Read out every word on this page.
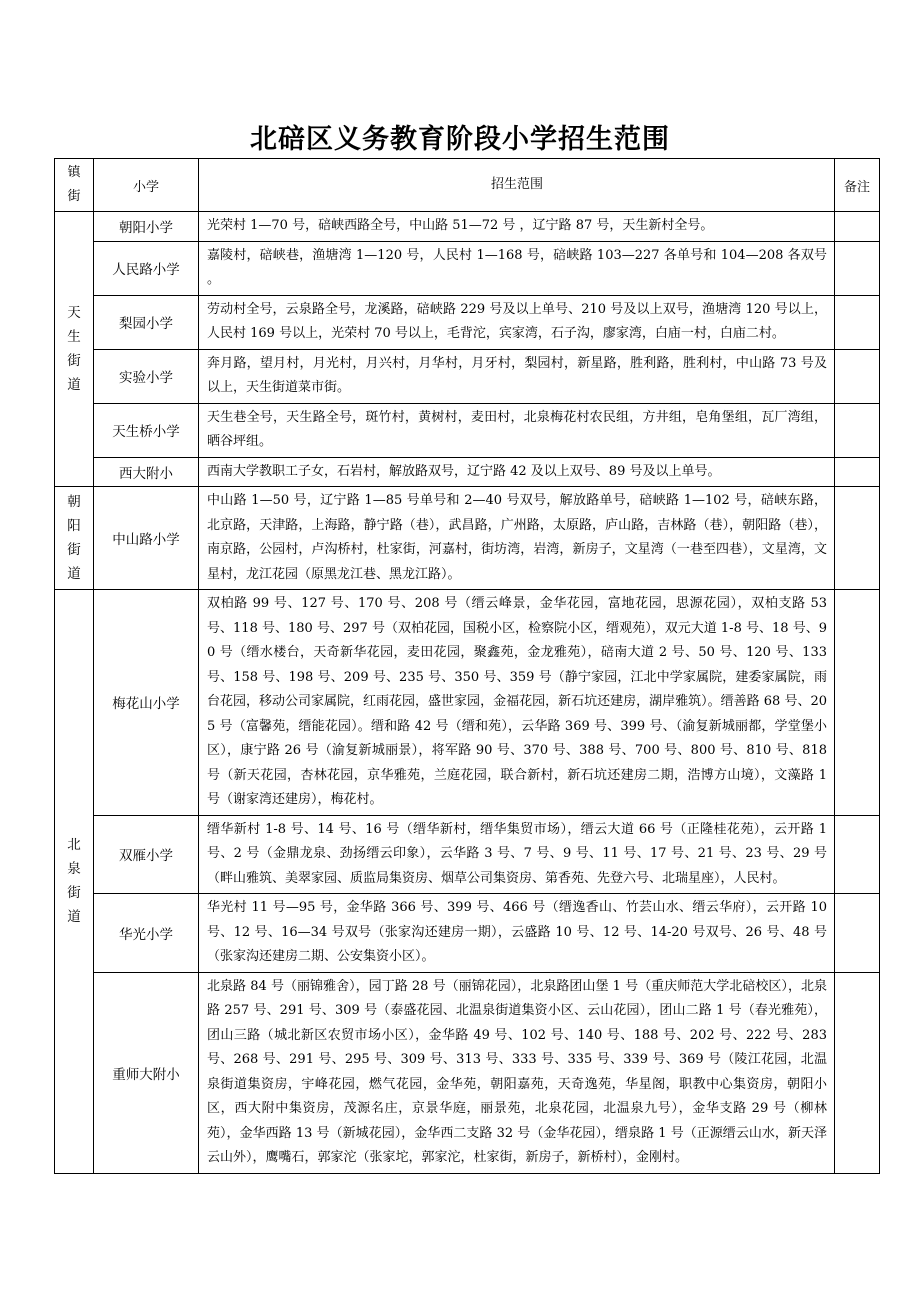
北碚区义务教育阶段小学招生范围
镇街	小学	招生范围	备注
天生街道	朝阳小学	光荣村 1—70 号，碚峡西路全号，中山路 51—72 号 ，辽宁路 87 号，天生新村全号。	
	人民路小学	嘉陵村，碚峡巷，渔塘湾 1—120 号，人民村 1—168 号，碚峡路 103—227 各单号和 104—208 各双号 。	
	梨园小学	劳动村全号，云泉路全号，龙溪路，碚峡路 229 号及以上单号、210 号及以上双号，渔塘湾 120 号以上，人民村 169 号以上，光荣村 70 号以上，毛背沱，宾家湾，石子沟，廖家湾，白庙一村，白庙二村。	
	实验小学	奔月路，望月村，月光村，月兴村，月华村，月牙村，梨园村，新星路，胜利路，胜利村，中山路 73 号及以上，天生街道菜市街。	
	天生桥小学	天生巷全号，天生路全号，斑竹村，黄树村，麦田村，北泉梅花村农民组，方井组，皂角堡组，瓦厂湾组，晒谷坪组。	
	西大附小	西南大学教职工子女，石岩村，解放路双号，辽宁路 42 及以上双号、89 号及以上单号。	
朝阳街道	中山路小学	中山路 1—50 号，辽宁路 1—85 号单号和 2—40 号双号，解放路单号，碚峡路 1—102 号，碚峡东路，北京路，天津路，上海路，静宁路（巷），武昌路，广州路，太原路，庐山路，吉林路（巷），朝阳路（巷），南京路，公园村，卢沟桥村，杜家街，河嘉村，街坊湾，岩湾，新房子，文星湾（一巷至四巷），文星湾，文星村，龙江花园（原黑龙江巷、黑龙江路）。	
北泉街道	梅花山小学	双柏路 99 号、127 号、170 号、208 号（缙云峰景，金华花园，富地花园，思源花园），双柏支路 53 号、118 号、180 号、297 号（双柏花园，国税小区，检察院小区，缙观苑），双元大道 1-8 号、18 号、90 号（缙水楼台，天奇新华花园，麦田花园，聚鑫苑，金龙雅苑），碚南大道 2 号、50 号、120 号、133 号、158 号、198 号、209 号、235 号、350 号、359 号（静宁家园，江北中学家属院，建委家属院，雨台花园，移动公司家属院，红雨花园，盛世家园，金福花园，新石坑还建房，湖岸雅筑）。缙善路 68 号、205 号（富馨苑，缙能花园）。缙和路 42 号（缙和苑），云华路 369 号、399 号、（渝复新城丽都，学堂堡小区），康宁路 26 号（渝复新城丽景），将军路 90 号、370 号、388 号、700 号、800 号、810 号、818 号（新天花园，杏林花园，京华雅苑，兰庭花园，联合新村，新石坑还建房二期，浩博方山境），文藻路 1 号（谢家湾还建房），梅花村。	
	双雁小学	缙华新村 1-8 号、14 号、16 号（缙华新村，缙华集贸市场），缙云大道 66 号（正隆桂花苑），云开路 1 号、2 号（金鼎龙泉、劲扬缙云印象），云华路 3 号、7 号、9 号、11 号、17 号、21 号、23 号、29 号（畔山雅筑、美翠家园、质监局集资房、烟草公司集资房、第香苑、先登六号、北瑞星座），人民村。	
	华光小学	华光村 11 号—95 号，金华路 366 号、399 号、466 号（缙逸香山、竹芸山水、缙云华府），云开路 10 号、12 号、16—34 号双号（张家沟还建房一期），云盛路 10 号、12 号、14-20 号双号、26 号、48 号（张家沟还建房二期、公安集资小区）。	
	重师大附小	北泉路 84 号（丽锦雅舍），园丁路 28 号（丽锦花园），北泉路团山堡 1 号（重庆师范大学北碚校区），北泉路 257 号、291 号、309 号（泰盛花园、北温泉街道集资小区、云山花园），团山二路 1 号（春光雅苑），团山三路（城北新区农贸市场小区），金华路 49 号、102 号、140 号、188 号、202 号、222 号、283 号、268 号、291 号、295 号、309 号、313 号、333 号、335 号、339 号、369 号（陵江花园，北温泉街道集资房，宇峰花园，燃气花园，金华苑，朝阳嘉苑，天奇逸苑，华星阁，职教中心集资房，朝阳小区，西大附中集资房，茂源名庄，京景华庭，丽景苑，北泉花园，北温泉九号），金华支路 29 号（柳林苑），金华西路 13 号（新城花园），金华西二支路 32 号（金华花园），缙泉路 1 号（正源缙云山水，新天泽云山外），鹰嘴石，郭家沱（张家坨，郭家沱，杜家街，新房子，新桥村），金刚村。	
